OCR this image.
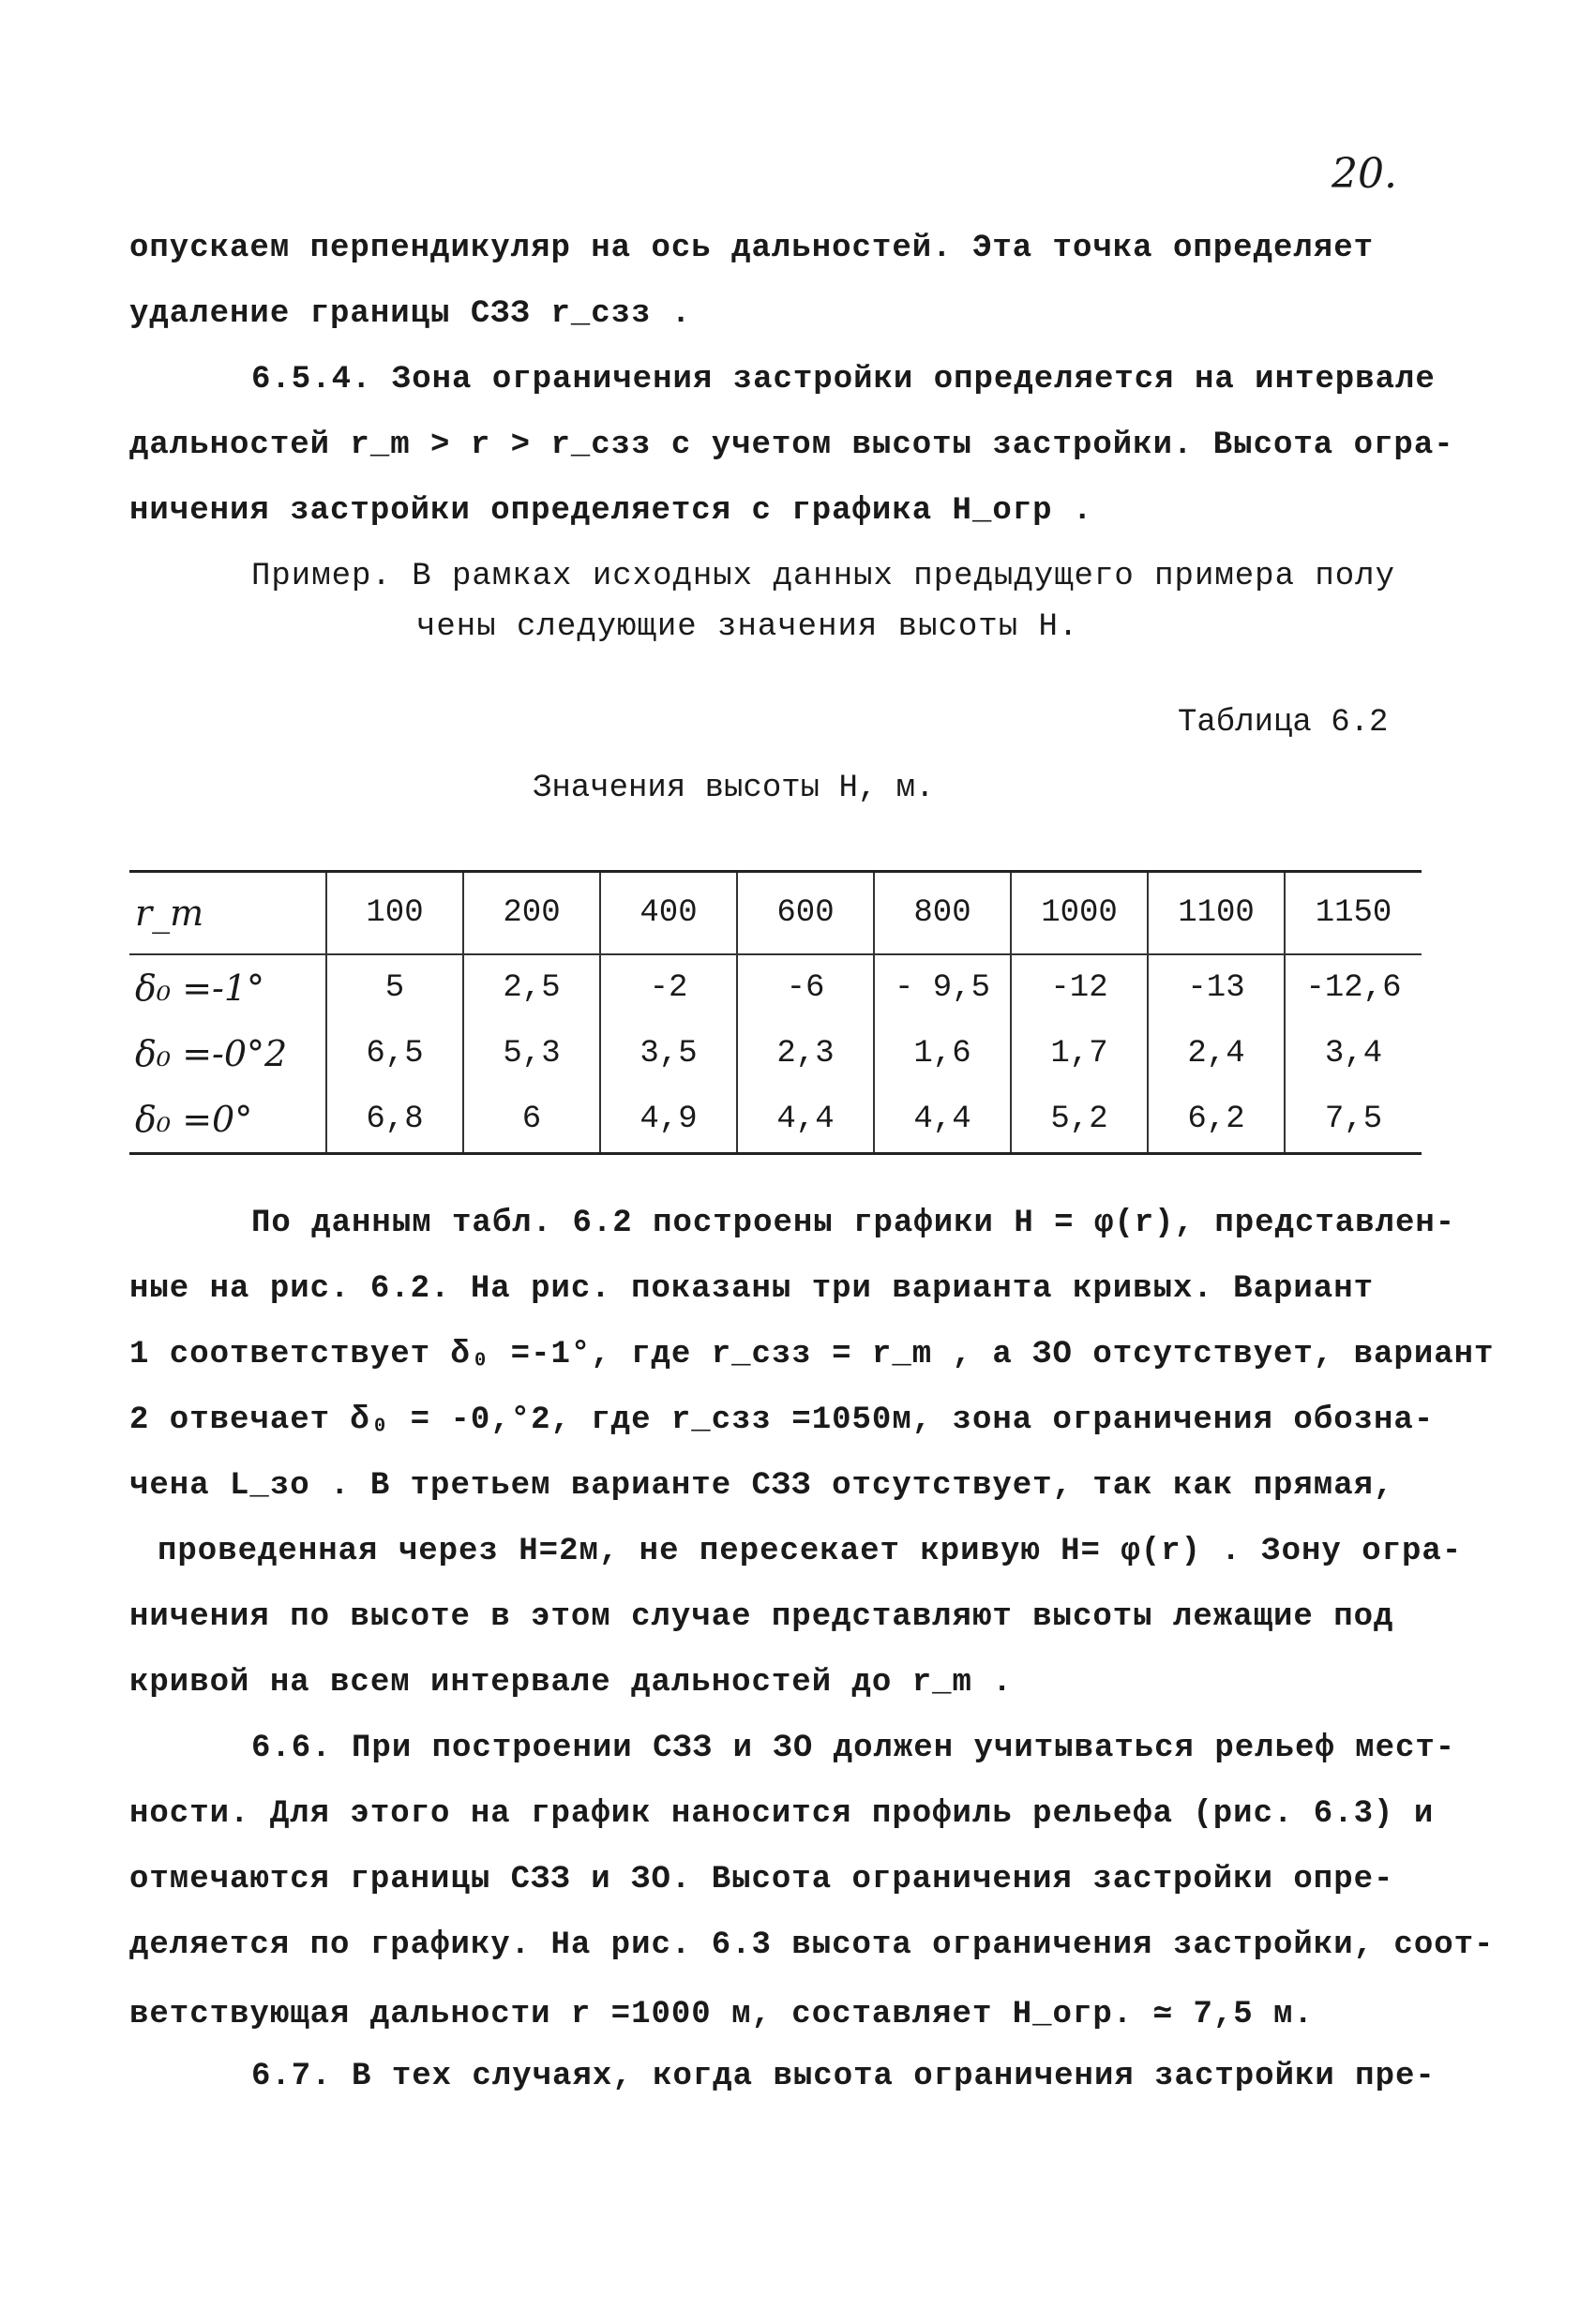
20.
опускаем перпендикуляр на ось дальностей. Эта точка определяет
удаление границы СЗЗ r_сзз .
6.5.4. Зона ограничения застройки определяется на интервале
дальностей r_m > r > r_сзз с учетом высоты застройки. Высота огра-
ничения застройки определяется с графика H_огр .
Пример. В рамках исходных данных предыдущего примера полу
чены следующие значения высоты H.
Таблица 6.2
Значения высоты H, м.
r_m	100	200	400	600	800	1000	1100	1150
δ₀ =-1°	5	2,5	-2	-6	- 9,5	-12	-13	-12,6
δ₀ =-0°2	6,5	5,3	3,5	2,3	1,6	1,7	2,4	3,4
δ₀ =0°	6,8	6	4,9	4,4	4,4	5,2	6,2	7,5
По данным табл. 6.2 построены графики H = φ(r), представлен-
ные на рис. 6.2. На рис. показаны три варианта кривых. Вариант
1 соответствует δ₀ =-1°, где r_сзз = r_m , а ЗО отсутствует, вариант
2 отвечает δ₀ = -0,°2, где r_сзз =1050м, зона ограничения обозна-
чена L_зо . В третьем варианте СЗЗ отсутствует, так как прямая,
проведенная через Н=2м, не пересекает кривую Н= φ(r) . Зону огра-
ничения по высоте в этом случае представляют высоты лежащие под
кривой на всем интервале дальностей до r_m .
6.6. При построении СЗЗ и ЗО должен учитываться рельеф мест-
ности. Для этого на график наносится профиль рельефа (рис. 6.3) и
отмечаются границы СЗЗ и ЗО. Высота ограничения застройки опре-
деляется по графику. На рис. 6.3 высота ограничения застройки, соот-
ветствующая дальности r =1000 м, составляет H_огр. ≃ 7,5 м.
6.7. В тех случаях, когда высота ограничения застройки пре-
